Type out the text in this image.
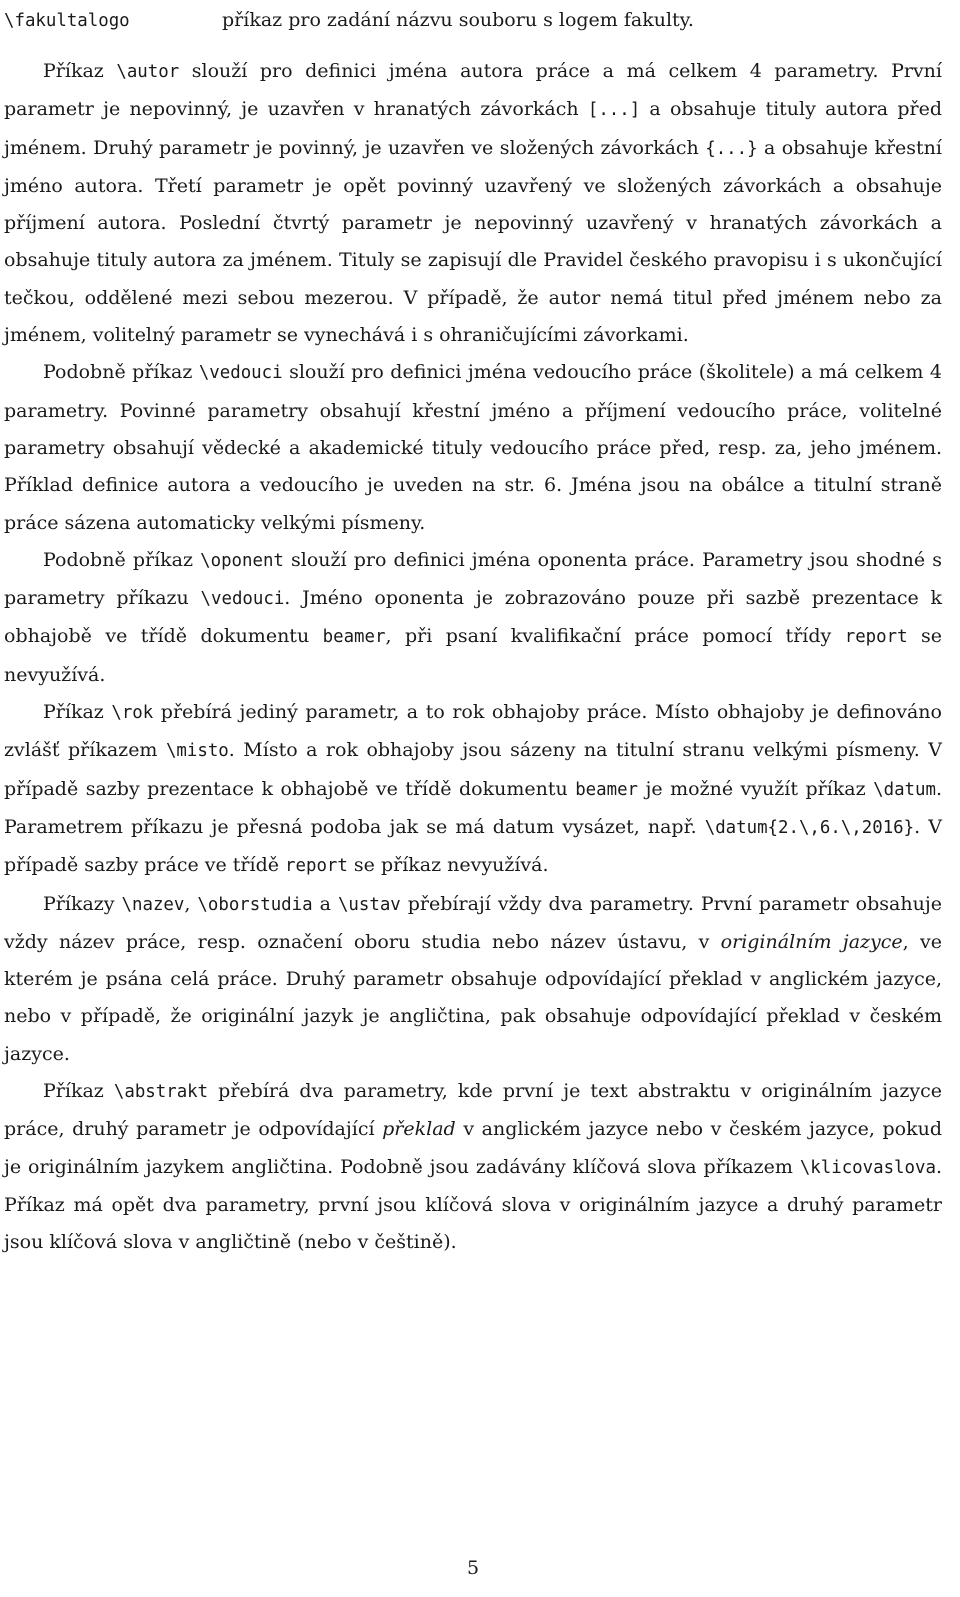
\fakultalogo	příkaz pro zadání názvu souboru s logem fakulty.

Příkaz \autor slouží pro definici jména autora práce a má celkem 4 parametry. První parametr je nepovinný, je uzavřen v hranatých závorkách [...] a obsahuje tituly autora před jménem. Druhý parametr je povinný, je uzavřen ve složených závorkách {...} a obsahuje křestní jméno autora. Třetí parametr je opět povinný uzavřený ve složených závorkách a obsahuje příjmení autora. Poslední čtvrtý parametr je nepovinný uzavřený v hranatých závorkách a obsahuje tituly autora za jménem. Tituly se zapisují dle Pravidel českého pravopisu i s ukončující tečkou, oddělené mezi sebou mezerou. V případě, že autor nemá titul před jménem nebo za jménem, volitelný parametr se vynechává i s ohraničujícími závorkami.

Podobně příkaz \vedouci slouží pro definici jména vedoucího práce (školitele) a má celkem 4 parametry. Povinné parametry obsahují křestní jméno a příjmení vedoucího práce, volitelné parametry obsahují vědecké a akademické tituly vedoucího práce před, resp. za, jeho jménem. Příklad definice autora a vedoucího je uveden na str. 6. Jména jsou na obálce a titulní straně práce sázena automaticky velkými písmeny.

Podobně příkaz \oponent slouží pro definici jména oponenta práce. Parametry jsou shodné s parametry příkazu \vedouci. Jméno oponenta je zobrazováno pouze při sazbě prezentace k obhajobě ve třídě dokumentu beamer, při psaní kvalifikační práce pomocí třídy report se nevyužívá.

Příkaz \rok přebírá jediný parametr, a to rok obhajoby práce. Místo obhajoby je definováno zvlášť příkazem \misto. Místo a rok obhajoby jsou sázeny na titulní stranu velkými písmeny. V případě sazby prezentace k obhajobě ve třídě dokumentu beamer je možné využít příkaz \datum. Parametrem příkazu je přesná podoba jak se má datum vysázet, např. \datum{2.\,6.\,2016}. V případě sazby práce ve třídě report se příkaz nevyužívá.

Příkazy \nazev, \oborstudia a \ustav přebírají vždy dva parametry. První parametr obsahuje vždy název práce, resp. označení oboru studia nebo název ústavu, v originálním jazyce, ve kterém je psána celá práce. Druhý parametr obsahuje odpovídající překlad v anglickém jazyce, nebo v případě, že originální jazyk je angličtina, pak obsahuje odpovídající překlad v českém jazyce.

Příkaz \abstrakt přebírá dva parametry, kde první je text abstraktu v originálním jazyce práce, druhý parametr je odpovídající překlad v anglickém jazyce nebo v českém jazyce, pokud je originálním jazykem angličtina. Podobně jsou zadávány klíčová slova příkazem \klicovaslova. Příkaz má opět dva parametry, první jsou klíčová slova v originálním jazyce a druhý parametr jsou klíčová slova v angličtině (nebo v češtině).

5
